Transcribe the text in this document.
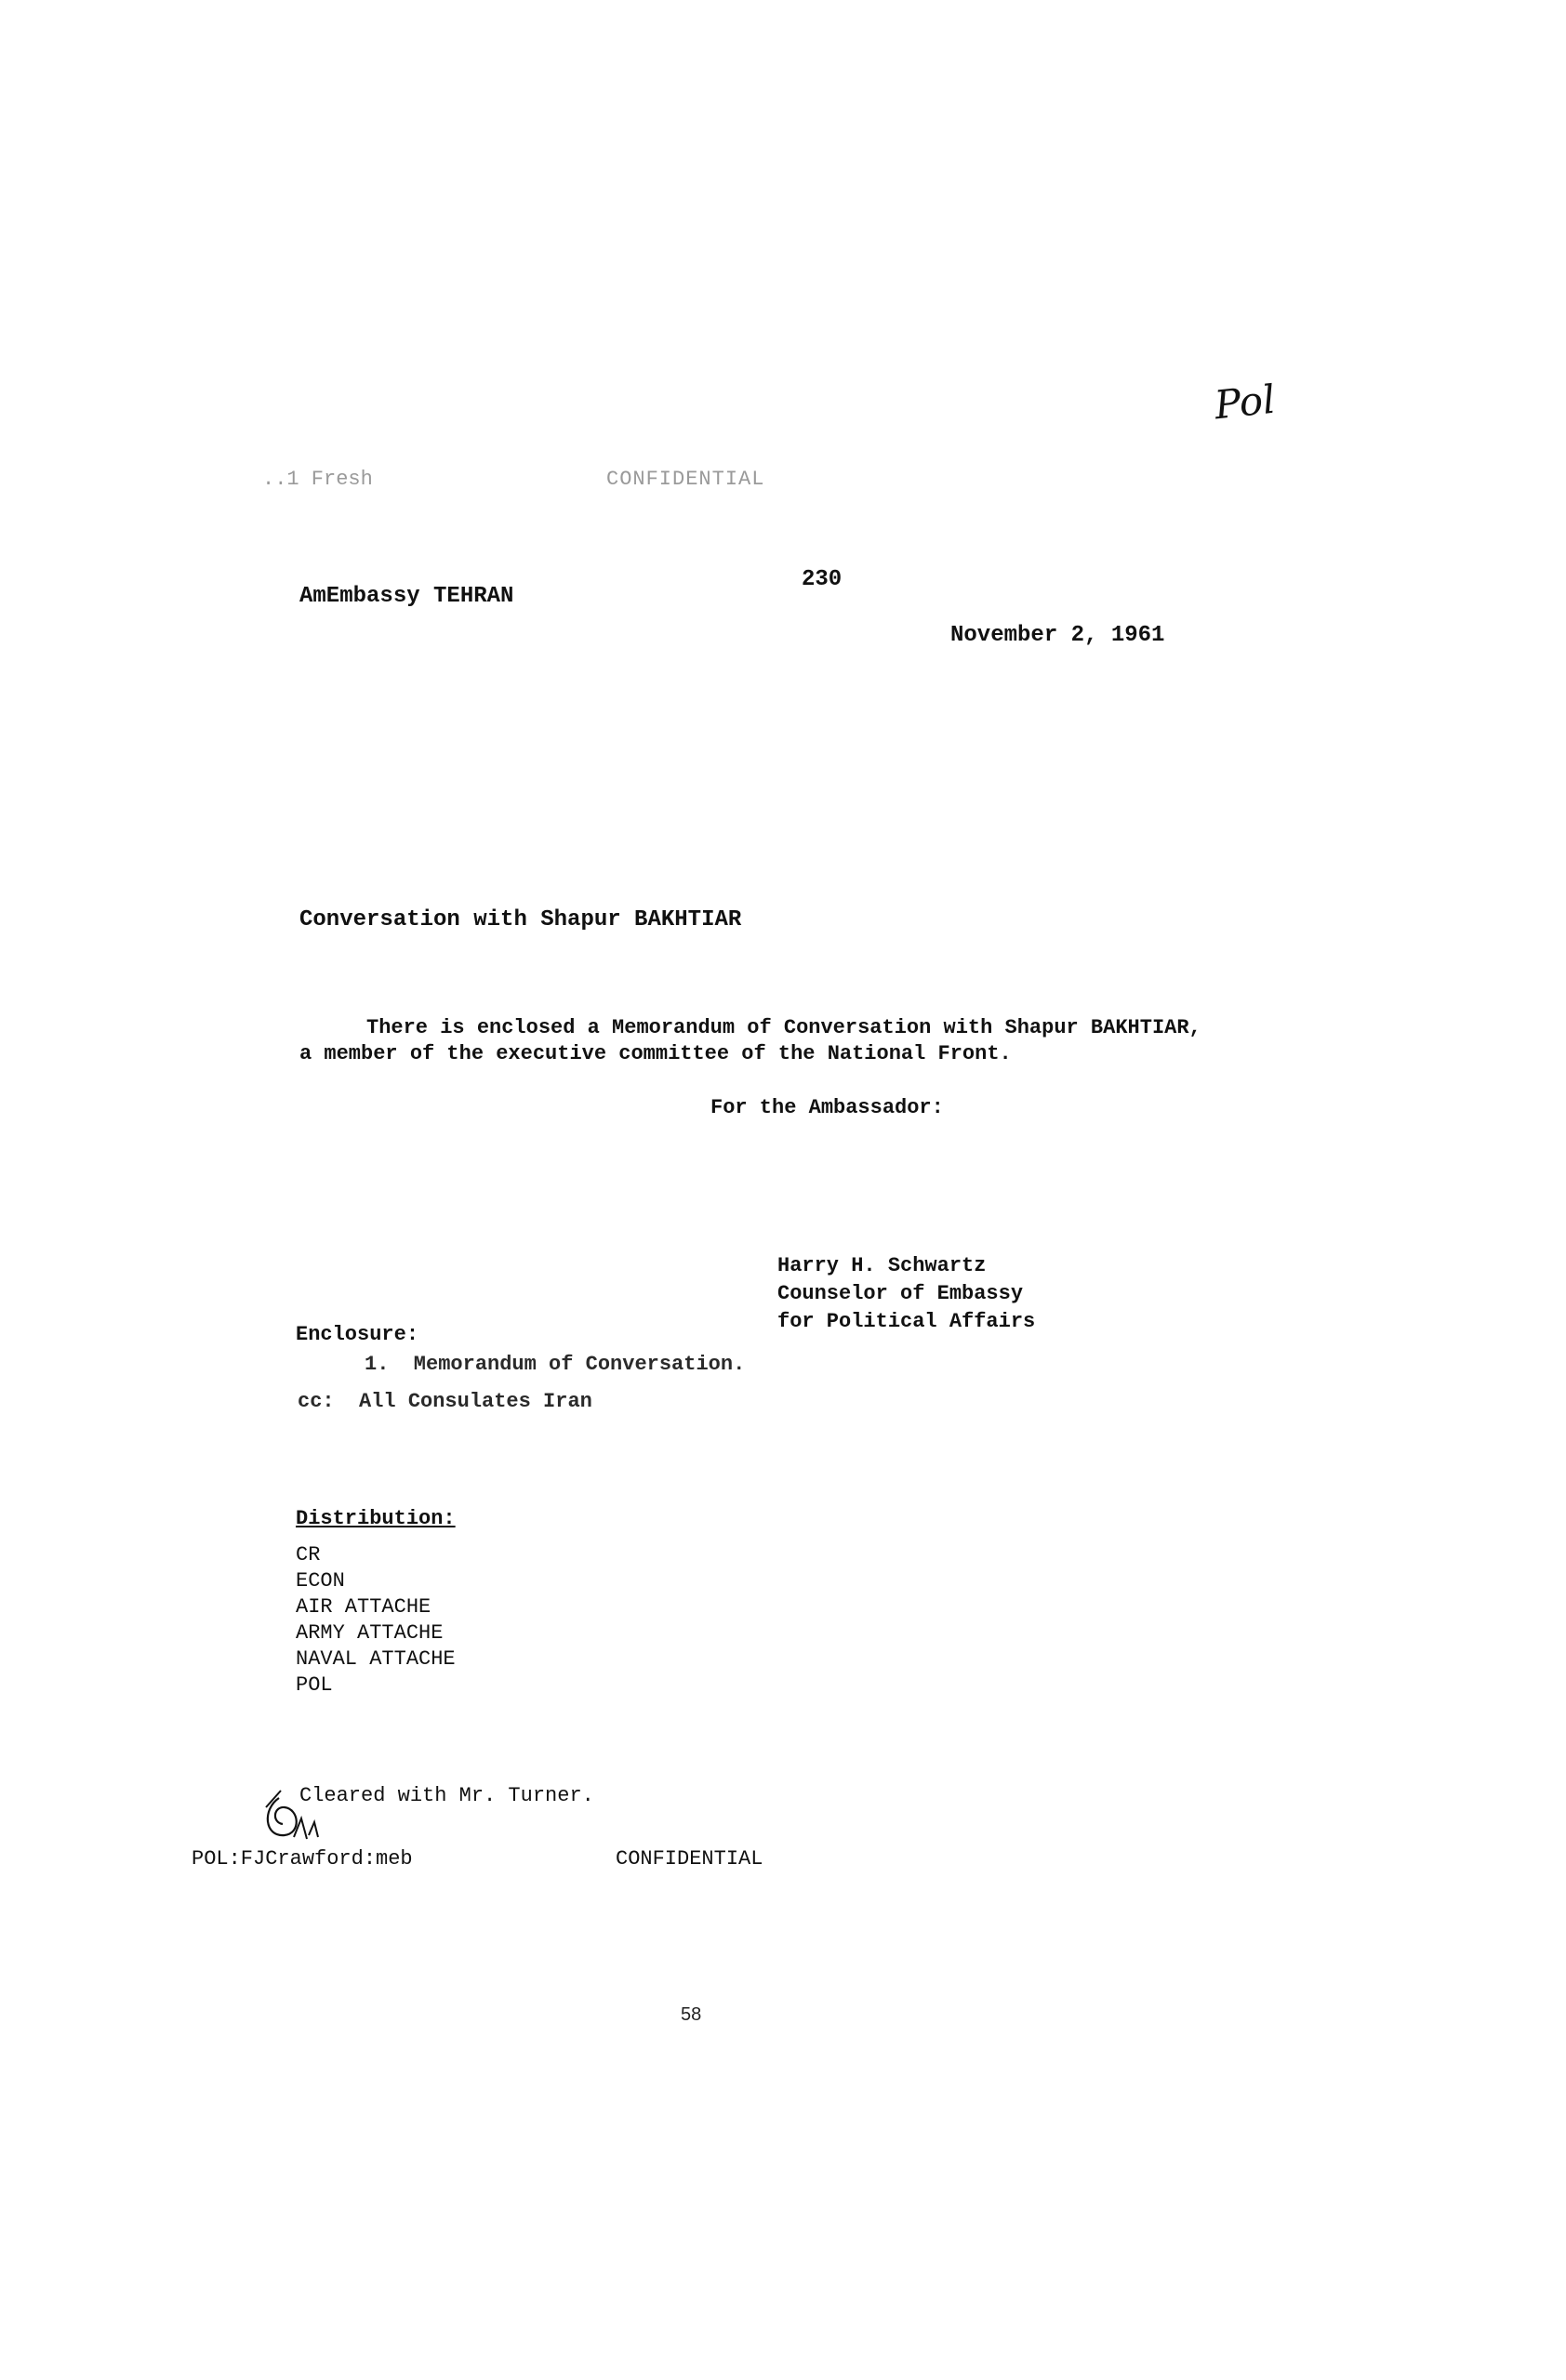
Pol
..1 Fresh	CONFIDENTIAL
AmEmbassy TEHRAN
230
November 2, 1961
Conversation with Shapur BAKHTIAR
There is enclosed a Memorandum of Conversation with Shapur BAKHTIAR,
a member of the executive committee of the National Front.
For the Ambassador:
Harry H. Schwartz
Counselor of Embassy
for Political Affairs
Enclosure:
1.  Memorandum of Conversation.
cc:  All Consulates Iran
Distribution:
CR
ECON
AIR ATTACHE
ARMY ATTACHE
NAVAL ATTACHE
POL
Cleared with Mr. Turner.
POL:FJCrawford:meb	CONFIDENTIAL
58
